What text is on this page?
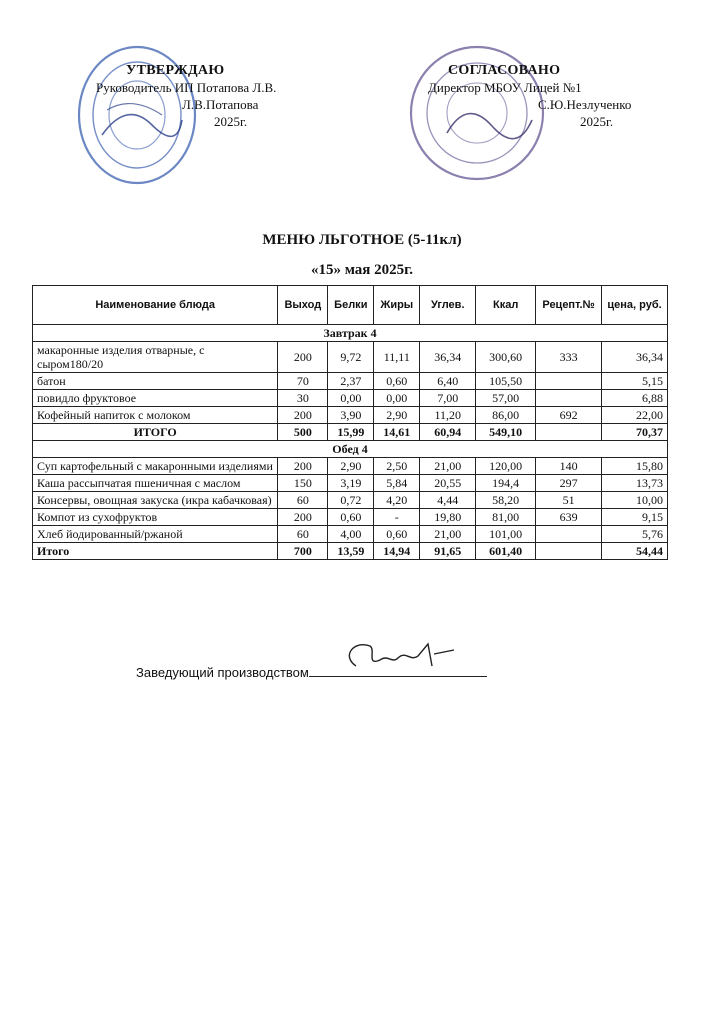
УТВЕРЖДАЮ
Руководитель ИП Потапова Л.В.
Л.В.Потапова
2025г.
СОГЛАСОВАНО
Директор МБОУ Лицей №1
С.Ю.Незлученко
2025г.
МЕНЮ ЛЬГОТНОЕ (5-11кл)
«15» мая 2025г.
Наименование блюда	Выход	Белки	Жиры	Углев.	Ккал	Рецепт.№	цена, руб.
Завтрак 4							
макаронные изделия отварные, с сыром180/20	200	9,72	11,11	36,34	300,60	333	36,34
батон	70	2,37	0,60	6,40	105,50		5,15
повидло фруктовое	30	0,00	0,00	7,00	57,00		6,88
Кофейный напиток с молоком	200	3,90	2,90	11,20	86,00	692	22,00
ИТОГО	500	15,99	14,61	60,94	549,10		70,37
Обед 4							
Суп картофельный с макаронными изделиями	200	2,90	2,50	21,00	120,00	140	15,80
Каша рассыпчатая пшеничная с маслом	150	3,19	5,84	20,55	194,4	297	13,73
Консервы, овощная закуска (икра кабачковая)	60	0,72	4,20	4,44	58,20	51	10,00
Компот из сухофруктов	200	0,60	-	19,80	81,00	639	9,15
Хлеб йодированный/ржаной	60	4,00	0,60	21,00	101,00		5,76
Итого	700	13,59	14,94	91,65	601,40		54,44
Заведующий производством
